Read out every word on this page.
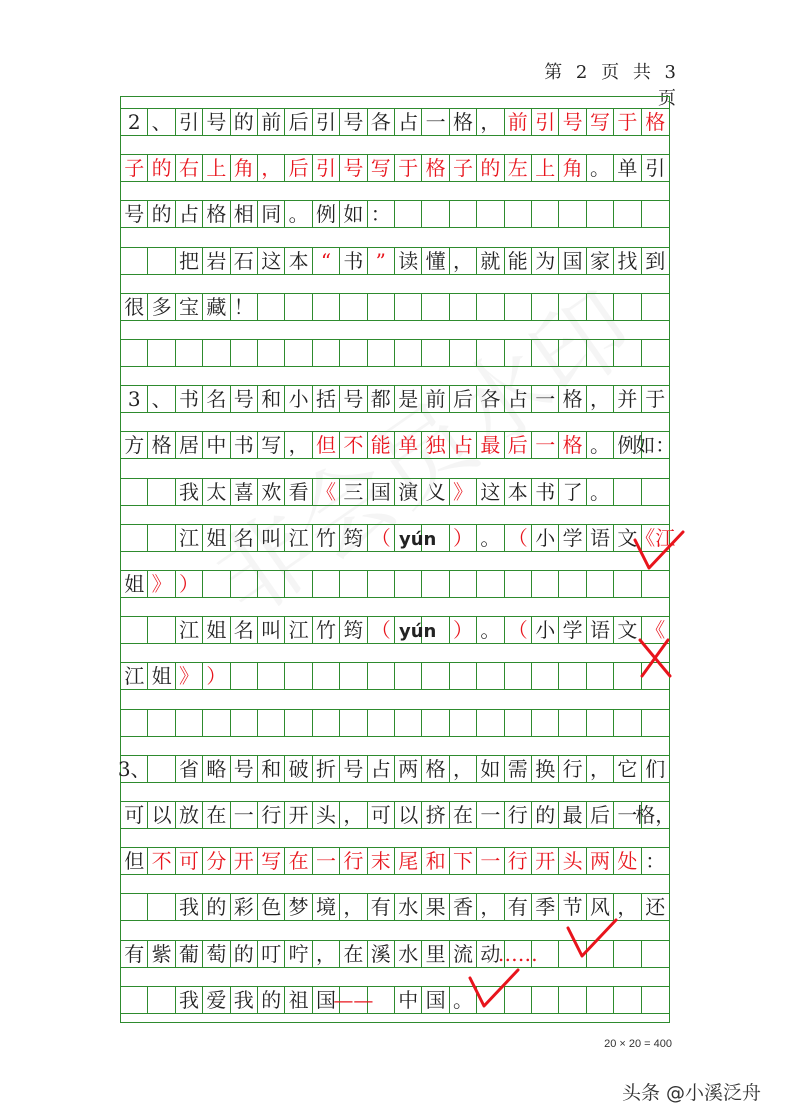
第 2 页 共 3 页
2 、 引 号 的 前 后 引 号 各 占 一 格 ， 前 引 号 写 于 格
子 的 右 上 角 ， 后 引 号 写 于 格 子 的 左 上 角 。 单 引
号 的 占 格 相 同 。 例 如 ：
把 岩 石 这 本 “ 书 ” 读 懂 ， 就 能 为 国 家 找 到
很 多 宝 藏 ！
3 、 书 名 号 和 小 括 号 都 是 前 后 各 占 一 格 ， 并 于
方 格 居 中 书 写 ， 但 不 能 单 独 占 最 后 一 格 。 例
如：
我 太 喜 欢 看 《 三 国 演 义 》 这 本 书 了 。
江 姐 名 叫 江 竹 筠 （	） 。 （ 小 学 语 文
《江
yún
姐 》 ）
江 姐 名 叫 江 竹 筠 （	） 。 （ 小 学 语 文 《
yún
江 姐 》 ）
3、 省 略 号 和 破 折 号 占 两 格 ， 如 需 换 行 ， 它 们
可 以 放 在 一 行 开 头 ， 可 以 挤 在 一 行 的 最 后 一
格，
但 不 可 分 开 写 在 一 行 末 尾 和 下 一 行 开 头 两 处 ：
我 的 彩 色 梦 境 ， 有 水 果 香 ， 有 季 节 风 ， 还
有 紫 葡 萄 的 叮 咛 ， 在 溪 水 里 流 动
……
我 爱 我 的 祖 国
—— 中 国 。
20 × 20 = 400
头条 @小溪泛舟
